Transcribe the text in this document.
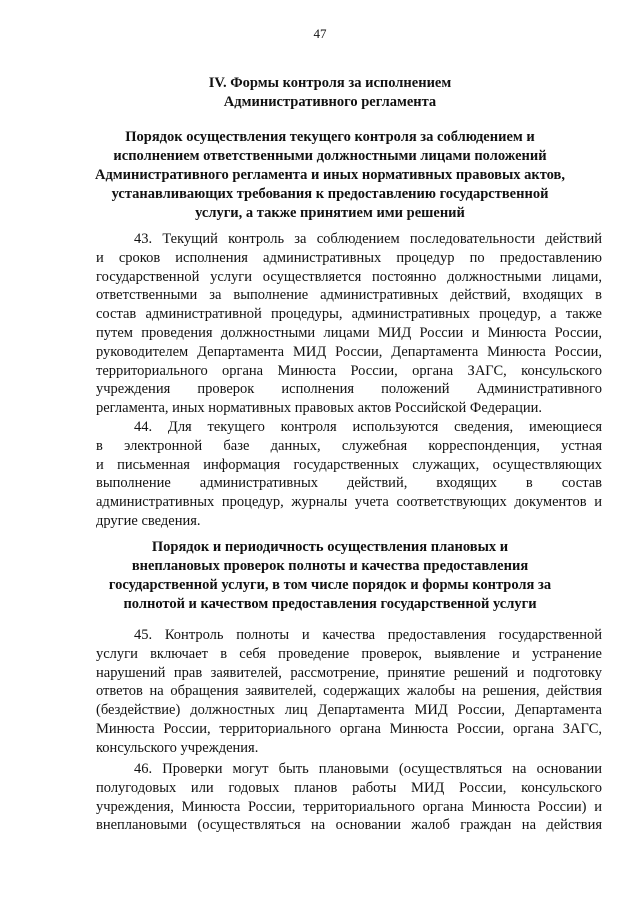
47
IV. Формы контроля за исполнением
Административного регламента
Порядок осуществления текущего контроля за соблюдением и
исполнением ответственными должностными лицами положений
Административного регламента и иных нормативных правовых актов,
устанавливающих требования к предоставлению государственной
услуги, а также принятием ими решений
43. Текущий контроль за соблюдением последовательности действий
и сроков исполнения административных процедур по предоставлению
государственной услуги осуществляется постоянно должностными лицами,
ответственными за выполнение административных действий, входящих в
состав административной процедуры, административных процедур, а также
путем проведения должностными лицами МИД России и Минюста России,
руководителем Департамента МИД России, Департамента Минюста России,
территориального органа Минюста России, органа ЗАГС, консульского
учреждения проверок исполнения положений Административного
регламента, иных нормативных правовых актов Российской Федерации.
44. Для текущего контроля используются сведения, имеющиеся
в электронной базе данных, служебная корреспонденция, устная
и письменная информация государственных служащих, осуществляющих
выполнение административных действий, входящих в состав
административных процедур, журналы учета соответствующих документов и
другие сведения.
Порядок и периодичность осуществления плановых и
внеплановых проверок полноты и качества предоставления
государственной услуги, в том числе порядок и формы контроля за
полнотой и качеством предоставления государственной услуги
45. Контроль полноты и качества предоставления государственной
услуги включает в себя проведение проверок, выявление и устранение
нарушений прав заявителей, рассмотрение, принятие решений и подготовку
ответов на обращения заявителей, содержащих жалобы на решения, действия
(бездействие) должностных лиц Департамента МИД России, Департамента
Минюста России, территориального органа Минюста России, органа ЗАГС,
консульского учреждения.
46. Проверки могут быть плановыми (осуществляться на основании
полугодовых или годовых планов работы МИД России, консульского
учреждения, Минюста России, территориального органа Минюста России) и
внеплановыми (осуществляться на основании жалоб граждан на действия
